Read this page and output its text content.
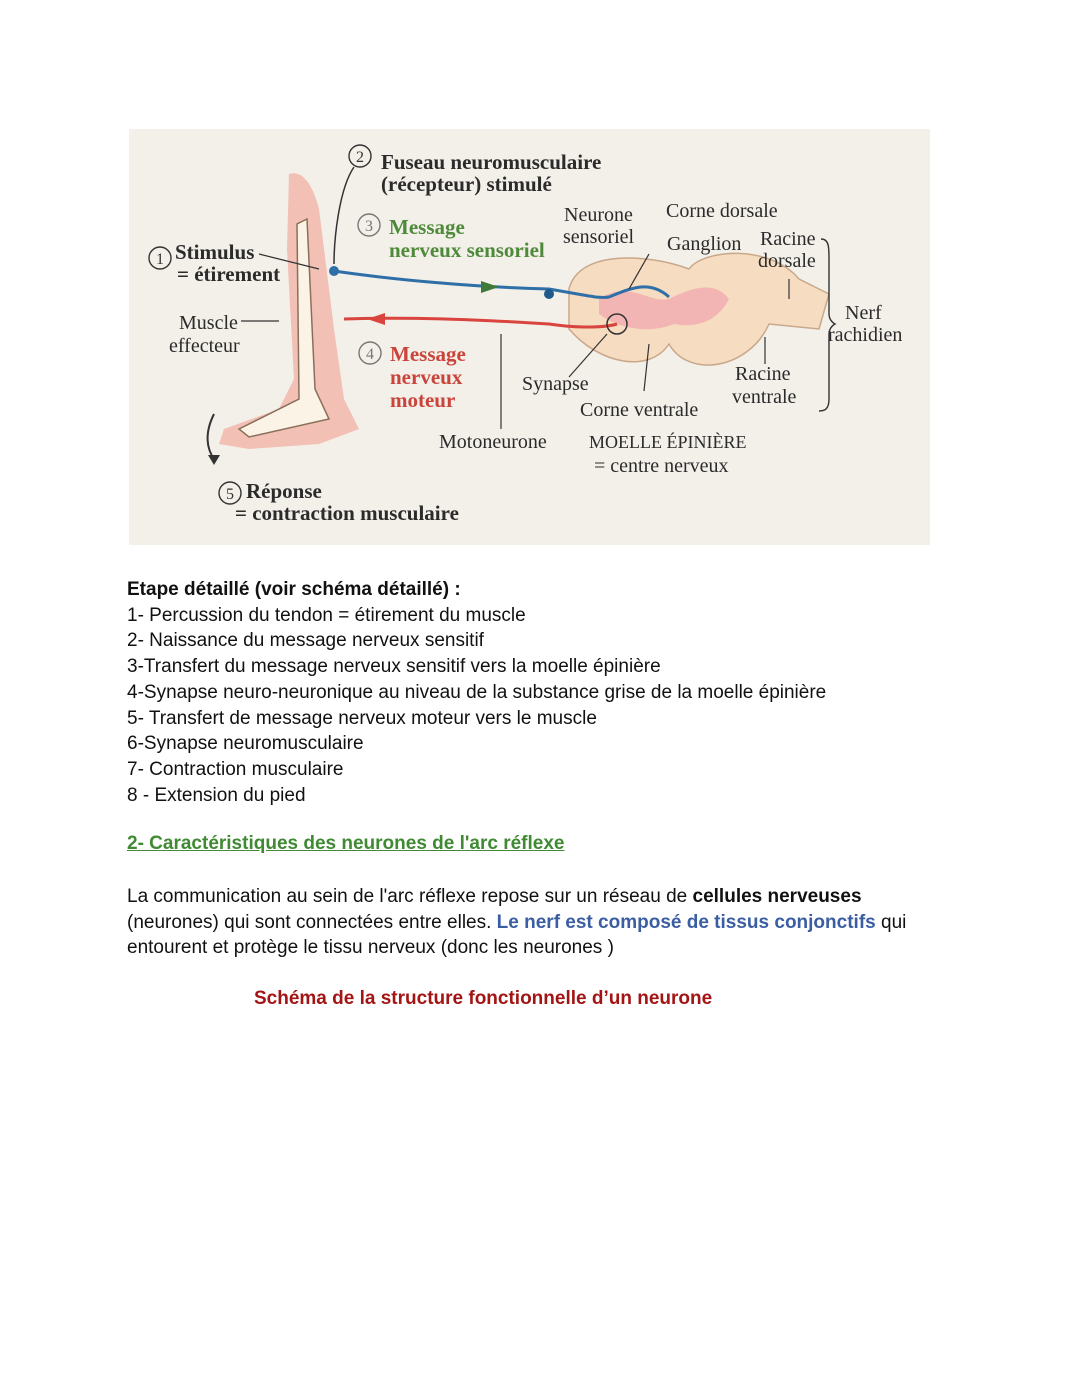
1
2
3
4
5
Stimulus
= étirement
Fuseau neuromusculaire
(récepteur) stimulé
Message
nerveux sensoriel
Muscle
effecteur	Message
nerveux
moteur
Réponse
= contraction musculaire
Neurone
sensoriel
Corne dorsale
Ganglion Racine
dorsale
Nerf
rachidien
Synapse
Corne ventrale
Racine
ventrale
Motoneurone MOELLE ÉPINIÈRE
= centre nerveux
Etape détaillé (voir schéma détaillé) :
1- Percussion du tendon = étirement du muscle
2- Naissance du message nerveux sensitif
3-Transfert du message nerveux sensitif vers la moelle épinière
4-Synapse neuro-neuronique au niveau de la substance grise de la moelle épinière
5- Transfert de message nerveux moteur vers le muscle
6-Synapse neuromusculaire
7- Contraction musculaire
8 - Extension du pied
2- Caractéristiques des neurones de l'arc réflexe
La communication au sein de l'arc réflexe repose sur un réseau de cellules nerveuses (neurones) qui sont connectées entre elles. Le nerf est composé de tissus conjonctifs qui entourent et protège le tissu nerveux (donc les neurones )
Schéma de la structure fonctionnelle d’un neurone
